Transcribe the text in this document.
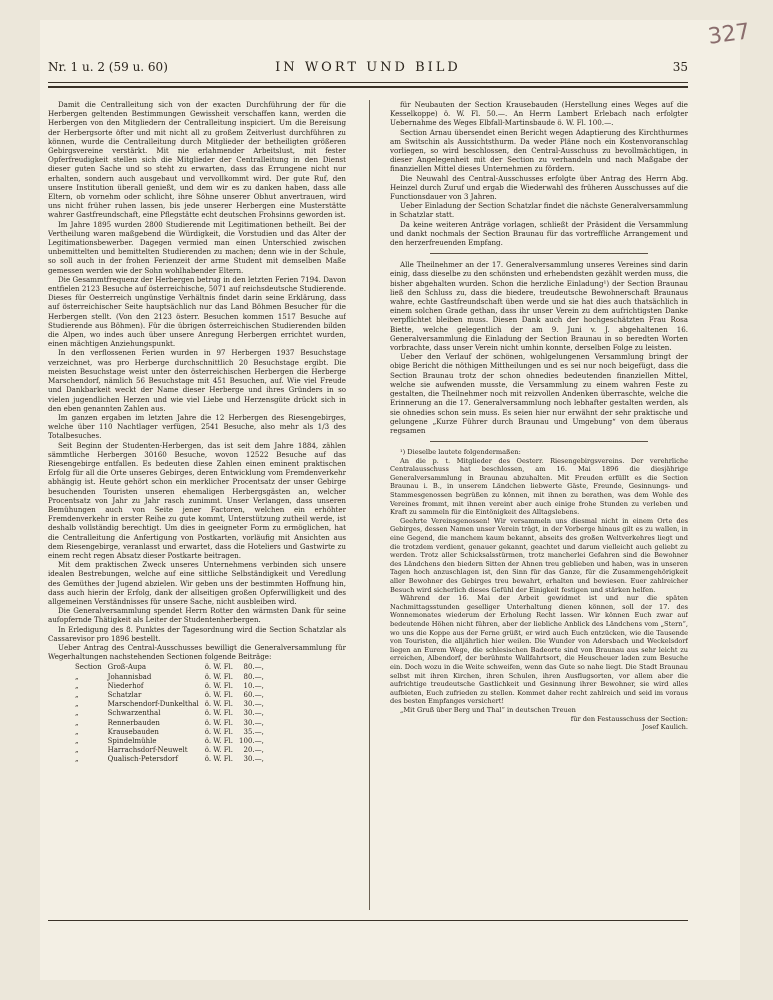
327
Nr. 1 u. 2 (59 u. 60)	IN WORT UND BILD	35

Damit die Centralleitung sich von der exacten Durchführung der für die Herbergen geltenden Bestimmungen Gewissheit verschaffen kann, werden die Herbergen von den Mitgliedern der Centralleitung inspiciert. Um die Bereisung der Herbergsorte öfter und mit nicht all zu großem Zeitverlust durchführen zu können, wurde die Centralleitung durch Mitglieder der betheiligten größeren Gebirgsvereine verstärkt. Mit nie erlahmender Arbeitslust, mit fester Opferfreudigkeit stellen sich die Mitglieder der Centralleitung in den Dienst dieser guten Sache und so steht zu erwarten, dass das Errungene nicht nur erhalten, sondern auch ausgebaut und vervollkommt wird. Der gute Ruf, den unsere Institution überall genießt, und dem wir es zu danken haben, dass alle Eltern, ob vornehm oder schlicht, ihre Söhne unserer Obhut anvertrauen, wird uns nicht früher ruhen lassen, bis jede unserer Herbergen eine Musterstätte wahrer Gastfreundschaft, eine Pflegstätte echt deutschen Frohsinns geworden ist.

Im Jahre 1895 wurden 2800 Studierende mit Legitimationen betheilt. Bei der Vertheilung waren maßgebend die Würdigkeit, die Vorstudien und das Alter der Legitimationsbewerber. Dagegen vermied man einen Unterschied zwischen unbemittelten und bemittelten Studierenden zu machen; denn wie in der Schule, so soll auch in der frohen Ferienzeit der arme Student mit demselben Maße gemessen werden wie der Sohn wohlhabender Eltern.

Die Gesammtfrequenz der Herbergen betrug in den letzten Ferien 7194. Davon entfielen 2123 Besuche auf österreichische, 5071 auf reichsdeutsche Studierende. Dieses für Oesterreich ungünstige Verhältnis findet darin seine Erklärung, dass auf österreichischer Seite hauptsächlich nur das Land Böhmen Besucher für die Herbergen stellt. (Von den 2123 österr. Besuchen kommen 1517 Besuche auf Studierende aus Böhmen). Für die übrigen österreichischen Studierenden bilden die Alpen, wo indes auch über unsere Anregung Herbergen errichtet wurden, einen mächtigen Anziehungspunkt.

In den verflossenen Ferien wurden in 97 Herbergen 1937 Besuchstage verzeichnet, was pro Herberge durchschnittlich 20 Besuchstage ergibt. Die meisten Besuchstage weist unter den österreichischen Herbergen die Herberge Marschendorf, nämlich 56 Besuchstage mit 451 Besuchen, auf. Wie viel Freude und Dankbarkeit weckt der Name dieser Herberge und ihres Gründers in so vielen jugendlichen Herzen und wie viel Liebe und Herzensgüte drückt sich in den eben genannten Zahlen aus.

Im ganzen ergaben im letzten Jahre die 12 Herbergen des Riesengebirges, welche über 110 Nachtlager verfügen, 2541 Besuche, also mehr als 1/3 des Totalbesuches.

Seit Beginn der Studenten-Herbergen, das ist seit dem Jahre 1884, zählen sämmtliche Herbergen 30160 Besuche, wovon 12522 Besuche auf das Riesengebirge entfallen. Es bedeuten diese Zahlen einen eminent praktischen Erfolg für all die Orte unseres Gebirges, deren Entwicklung vom Fremdenverkehr abhängig ist. Heute gehört schon ein merklicher Procentsatz der unser Gebirge besuchenden Touristen unseren ehemaligen Herbergsgästen an, welcher Procentsatz von Jahr zu Jahr rasch zunimmt. Unser Verlangen, dass unseren Bemühungen auch von Seite jener Factoren, welchen ein erhöhter Fremdenverkehr in erster Reihe zu gute kommt, Unterstützung zutheil werde, ist deshalb vollständig berechtigt. Um dies in geeigneter Form zu ermöglichen, hat die Centralleitung die Anfertigung von Postkarten, vorläufig mit Ansichten aus dem Riesengebirge, veranlasst und erwartet, dass die Hoteliers und Gastwirte zu einem recht regen Absatz dieser Postkarte beitragen.

Mit dem praktischen Zweck unseres Unternehmens verbinden sich unsere idealen Bestrebungen, welche auf eine sittliche Selbständigkeit und Veredlung des Gemüthes der Jugend abzielen. Wir geben uns der bestimmten Hoffnung hin, dass auch hierin der Erfolg, dank der allseitigen großen Opferwilligkeit und des allgemeinen Verständnisses für unsere Sache, nicht ausbleiben wird.

Die Generalversammlung spendet Herrn Rotter den wärmsten Dank für seine aufopfernde Thätigkeit als Leiter der Studentenherbergen.

In Erledigung des 8. Punktes der Tagesordnung wird die Section Schatzlar als Cassarevisor pro 1896 bestellt.

Ueber Antrag des Central-Ausschusses bewilligt die Generalversammlung für Wegerhaltungen nachstehenden Sectionen folgende Beiträge:

Section	Groß-Aupa	ö. W. Fl.	80.—,
„	Johannisbad	ö. W. Fl.	80.—,
„	Niederhof	ö. W. Fl.	10.—,
„	Schatzlar	ö. W. Fl.	60.—,
„	Marschendorf-Dunkelthal	ö. W. Fl.	30.—,
„	Schwarzenthal	ö. W. Fl.	30.—,
„	Rennerbauden	ö. W. Fl.	30.—,
„	Krausebauden	ö. W. Fl.	35.—,
„	Spindelmühle	ö. W. Fl.	100.—,
„	Harrachsdorf-Neuwelt	ö. W. Fl.	20.—,
„	Qualisch-Petersdorf	ö. W. Fl.	30.—,

für Neubauten der Section Krausebauden (Herstellung eines Weges auf die Kesselkoppe) ö. W. Fl. 50.—. An Herrn Lambert Erlebach nach erfolgter Uebernahme des Weges Elbfall-Martinsbaude ö. W. Fl. 100.—.

Section Arnau übersendet einen Bericht wegen Adaptierung des Kirchthurmes am Switschin als Aussichtsthurm. Da weder Pläne noch ein Kostenvoranschlag vorliegen, so wird beschlossen, den Central-Ausschuss zu bevollmächtigen, in dieser Angelegenheit mit der Section zu verhandeln und nach Maßgabe der finanziellen Mittel dieses Unternehmen zu fördern.

Die Neuwahl des Central-Ausschusses erfolgte über Antrag des Herrn Abg. Heinzel durch Zuruf und ergab die Wiederwahl des früheren Ausschusses auf die Functionsdauer von 3 Jahren.

Ueber Einladung der Section Schatzlar findet die nächste Generalversammlung in Schatzlar statt.

Da keine weiteren Anträge vorlagen, schließt der Präsident die Versammlung und dankt nochmals der Section Braunau für das vortreffliche Arrangement und den herzerfreuenden Empfang.

Alle Theilnehmer an der 17. Generalversammlung unseres Vereines sind darin einig, dass dieselbe zu den schönsten und erhebendsten gezählt werden muss, die bisher abgehalten wurden. Schon die herzliche Einladung¹) der Section Braunau ließ den Schluss zu, dass die biedere, treudeutsche Bewohnerschaft Braunaus wahre, echte Gastfreundschaft üben werde und sie hat dies auch thatsächlich in einem solchen Grade gethan, dass ihr unser Verein zu dem aufrichtigsten Danke verpflichtet bleiben muss. Diesen Dank auch der hochgeschätzten Frau Rosa Biette, welche gelegentlich der am 9. Juni v. J. abgehaltenen 16. Generalversammlung die Einladung der Section Braunau in so beredten Worten vorbrachte, dass unser Verein nicht umhin konnte, derselben Folge zu leisten.

Ueber den Verlauf der schönen, wohlgelungenen Versammlung bringt der obige Bericht die nöthigen Mittheilungen und es sei nur noch beigefügt, dass die Section Braunau trotz der schon ohnedies bedeutenden finanziellen Mittel, welche sie aufwenden musste, die Versammlung zu einem wahren Feste zu gestalten, die Theilnehmer noch mit reizvollen Andenken überraschte, welche die Erinnerung an die 17. Generalversammlung noch lebhafter gestalten werden, als sie ohnedies schon sein muss. Es seien hier nur erwähnt der sehr praktische und gelungene „Kurze Führer durch Braunau und Umgebung“ von dem überaus regsamen

¹) Dieselbe lautete folgendermaßen:

An die p. t. Mitglieder des Oesterr. Riesengebirgsvereins. Der verehrliche Centralausschuss hat beschlossen, am 16. Mai 1896 die diesjährige Generalversammlung in Braunau abzuhalten. Mit Freuden erfüllt es die Section Braunau i. B., in unserem Ländchen liebwerte Gäste, Freunde, Gesinnungs- und Stammesgenossen begrüßen zu können, mit ihnen zu berathen, was dem Wohle des Vereines frommt, mit ihnen vereint aber auch einige frohe Stunden zu verleben und Kraft zu sammeln für die Eintönigkeit des Alltagslebens.

Geehrte Vereinsgenossen! Wir versammeln uns diesmal nicht in einem Orte des Gebirges, dessen Namen unser Verein trägt, in der Vorberge hinaus gilt es zu wallen, in eine Gegend, die manchem kaum bekannt, abseits des großen Weltverkehres liegt und die trotzdem verdient, genauer gekannt, geachtet und darum vielleicht auch geliebt zu werden. Trotz aller Schicksalsstürmen, trotz mancherlei Gefahren sind die Bewohner des Ländchens den biedern Sitten der Ahnen treu geblieben und haben, was in unseren Tagen hoch anzuschlagen ist, den Sinn für das Ganze, für die Zusammengehörigkeit aller Bewohner des Gebirges treu bewahrt, erhalten und bewiesen. Euer zahlreicher Besuch wird sicherlich dieses Gefühl der Einigkeit festigen und stärken helfen.

Während der 16. Mai der Arbeit gewidmet ist und nur die späten Nachmittagsstunden geselliger Unterhaltung dienen können, soll der 17. des Wonnemonates wiederum der Erholung Recht lassen. Wir können Euch zwar auf bedeutende Höhen nicht führen, aber der liebliche Anblick des Ländchens vom „Stern“, wo uns die Koppe aus der Ferne grüßt, er wird auch Euch entzücken, wie die Tausende von Touristen, die alljährlich hier weilen. Die Wunder von Adersbach und Weckelsdorf liegen an Eurem Wege, die schlesischen Badeorte sind von Braunau aus sehr leicht zu erreichen, Albendorf, der berühmte Wallfahrtsort, die Heuscheuer laden zum Besuche ein. Doch wozu in die Weite schweifen, wenn das Gute so nahe liegt. Die Stadt Braunau selbst mit ihren Kirchen, ihren Schulen, ihren Ausflugsorten, vor allem aber die aufrichtige treudeutsche Gastlichkeit und Gesinnung ihrer Bewohner, sie wird alles aufbieten, Euch zufrieden zu stellen. Kommet daher recht zahlreich und seid im voraus des besten Empfanges versichert!

„Mit Gruß über Berg und Thal“ in deutschen Treuen

für den Festausschuss der Section:

Josef Kaulich.
